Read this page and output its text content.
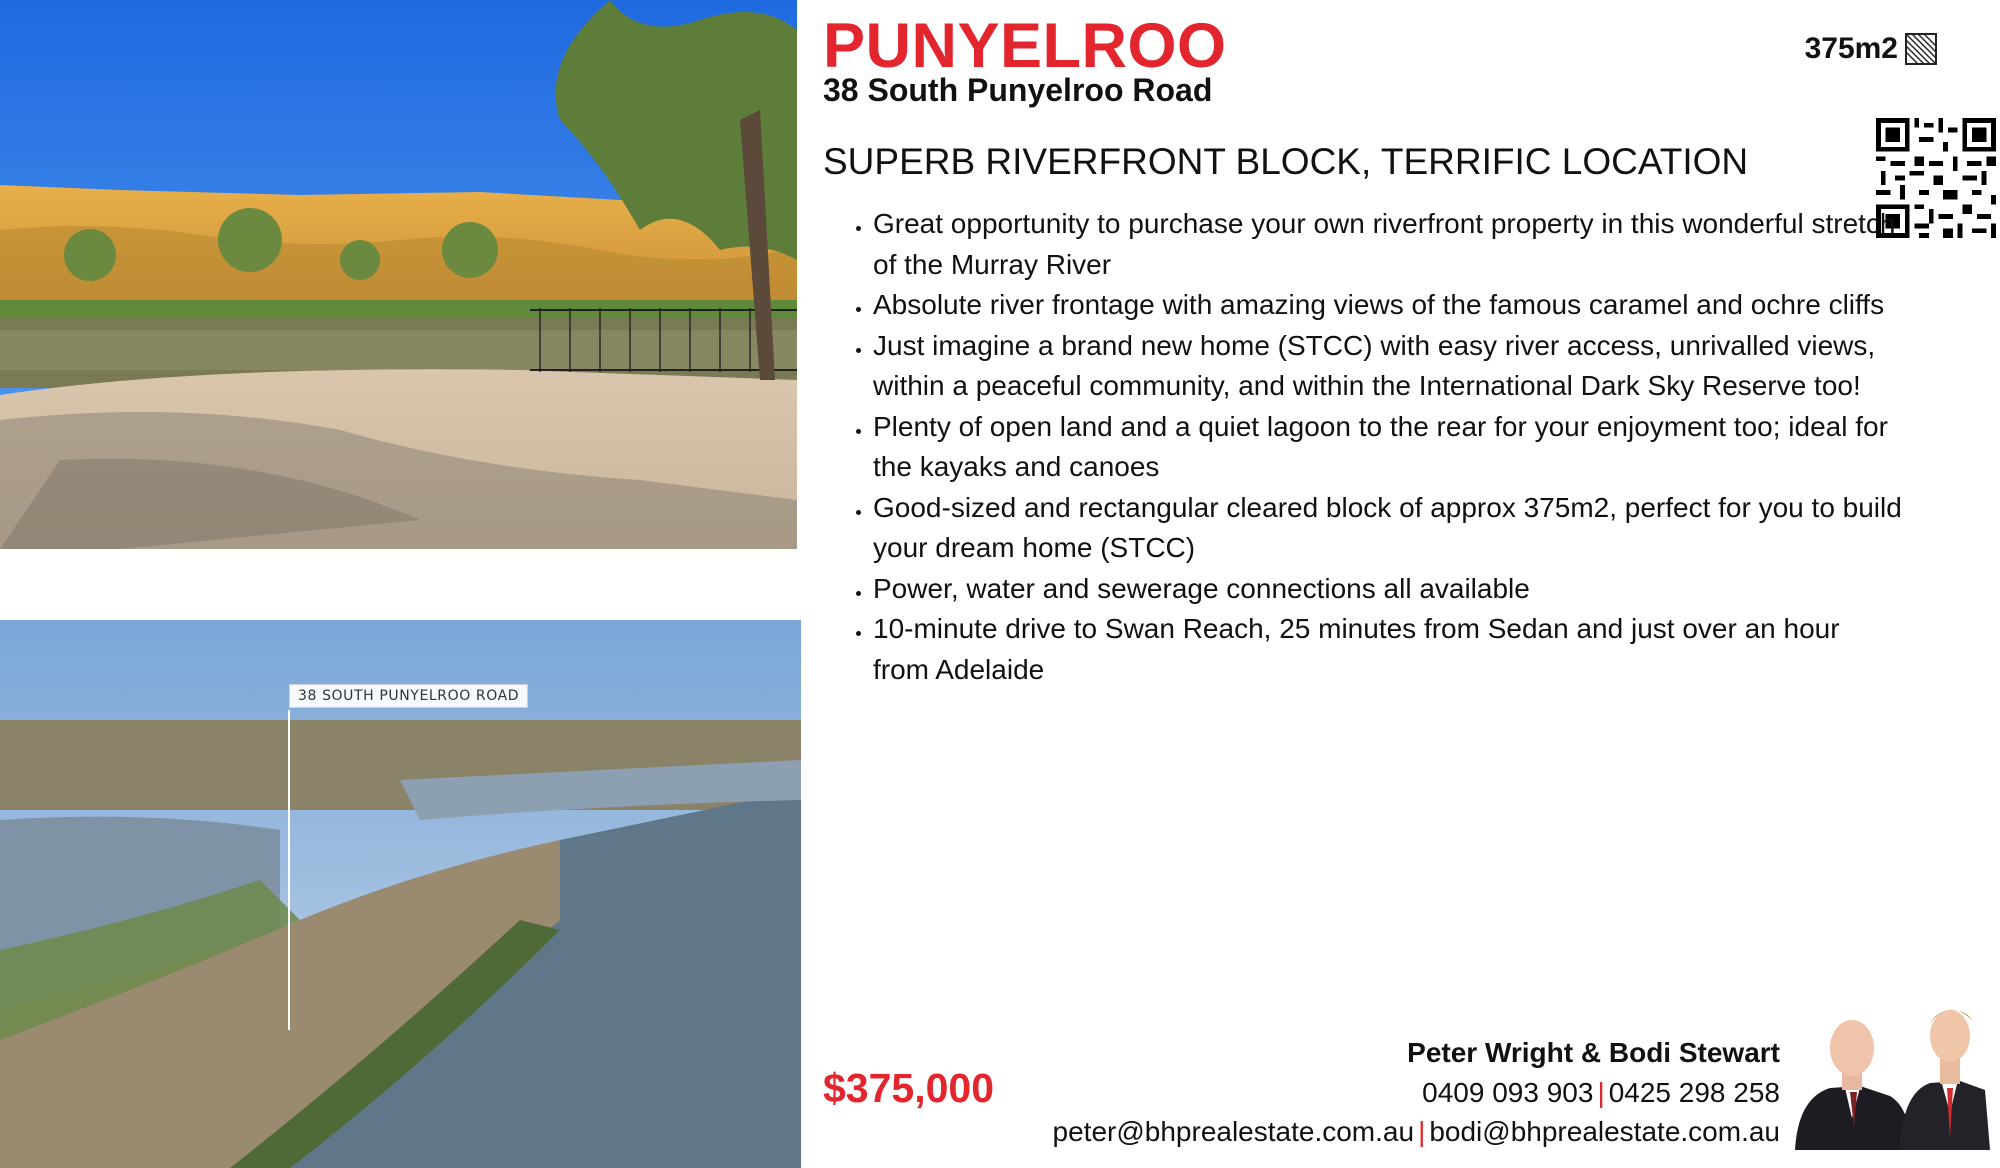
38 SOUTH PUNYELROO ROAD
PUNYELROO
38 South Punyelroo Road
375m2
SUPERB RIVERFRONT BLOCK, TERRIFIC LOCATION
• Great opportunity to purchase your own riverfront property in this wonderful stretch of the Murray River
• Absolute river frontage with amazing views of the famous caramel and ochre cliffs
• Just imagine a brand new home (STCC) with easy river access, unrivalled views, within a peaceful community, and within the International Dark Sky Reserve too!
• Plenty of open land and a quiet lagoon to the rear for your enjoyment too; ideal for the kayaks and canoes
• Good-sized and rectangular cleared block of approx 375m2, perfect for you to build your dream home (STCC)
• Power, water and sewerage connections all available
• 10-minute drive to Swan Reach, 25 minutes from Sedan and just over an hour from Adelaide
$375,000
Peter Wright & Bodi Stewart
0409 093 903 | 0425 298 258
peter@bhprealestate.com.au | bodi@bhprealestate.com.au
